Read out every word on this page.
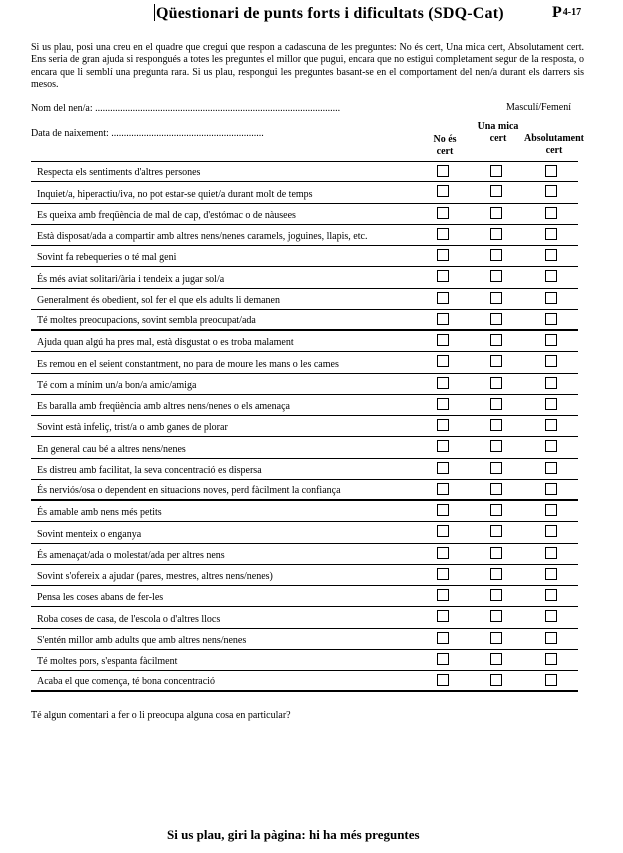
Qüestionari de punts forts i dificultats (SDQ-Cat)	P4-17
Si us plau, posi una creu en el quadre que cregui que respon a cadascuna de les preguntes: No és cert, Una mica cert, Absolutament cert. Ens seria de gran ajuda si respongués a totes les preguntes el millor que pugui, encara que no estigui completament segur de la resposta, o encara que li semblí una pregunta rara. Si us plau, respongui les preguntes basant-se en el comportament del nen/a durant els darrers sis mesos.
Nom del nen/a: ..................................................................................................	Masculí/Femení
Data de naixement: .............................................................
No és cert
Una mica cert	Absolutament cert
Respecta els sentiments d'altres persones
Inquiet/a, hiperactiu/iva, no pot estar-se quiet/a durant molt de temps
Es queixa amb freqüència de mal de cap, d'estómac o de nàusees
Està disposat/ada a compartir amb altres nens/nenes caramels, joguines, llapis, etc.
Sovint fa rebequeries o té mal geni
És més aviat solitari/ària i tendeix a jugar sol/a
Generalment és obedient, sol fer el que els adults li demanen
Té moltes preocupacions, sovint sembla preocupat/ada
Ajuda quan algú ha pres mal, està disgustat o es troba malament
Es remou en el seient constantment, no para de moure les mans o les cames
Té com a mínim un/a bon/a amic/amiga
Es baralla amb freqüència amb altres nens/nenes o els amenaça
Sovint està infeliç, trist/a o amb ganes de plorar
En general cau bé a altres nens/nenes
Es distreu amb facilitat, la seva concentració es dispersa
És nerviós/osa o dependent en situacions noves, perd fàcilment la confiança
És amable amb nens més petits
Sovint menteix o enganya
És amenaçat/ada o molestat/ada per altres nens
Sovint s'ofereix a ajudar (pares, mestres, altres nens/nenes)
Pensa les coses abans de fer-les
Roba coses de casa, de l'escola o d'altres llocs
S'entén millor amb adults que amb altres nens/nenes
Té moltes pors, s'espanta fàcilment
Acaba el que comença, té bona concentració
Té algun comentari a fer o li preocupa alguna cosa en particular?
Si us plau, giri la pàgina: hi ha més preguntes
